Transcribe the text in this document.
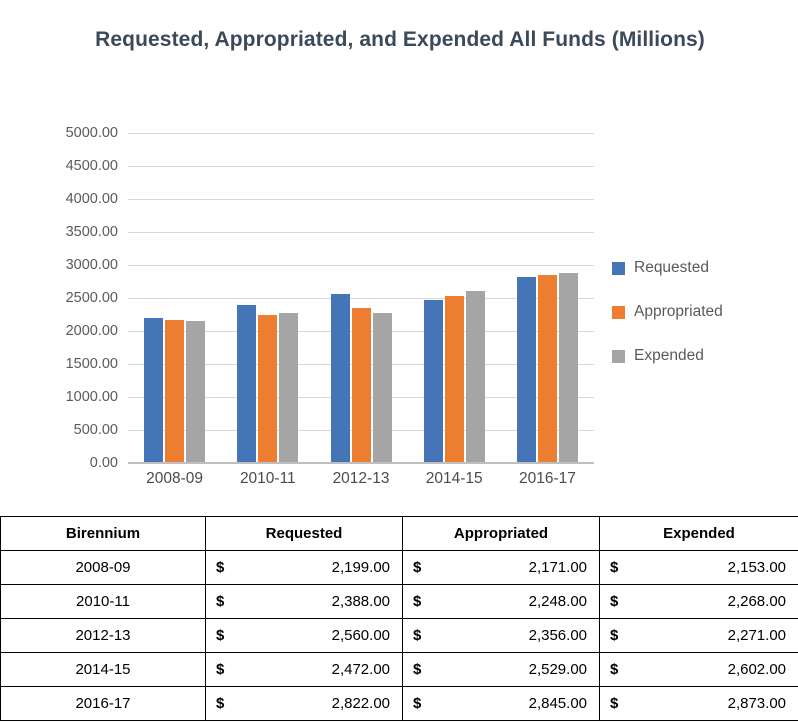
Requested, Appropriated, and Expended All Funds (Millions)
0.00
500.00
1000.00
1500.00
2000.00
2500.00
3000.00
3500.00
4000.00
4500.00
5000.00
2008-09	2010-11	2012-13	2014-15	2016-17
Requested
Appropriated
Expended
Birennium	Requested	Appropriated	Expended
2008-09	$ 2,199.00	$ 2,171.00	$ 2,153.00

2010-11	$ 2,388.00	$ 2,248.00	$ 2,268.00

2012-13	$ 2,560.00	$ 2,356.00	$ 2,271.00

2014-15	$ 2,472.00	$ 2,529.00	$ 2,602.00

2016-17	$ 2,822.00	$ 2,845.00	$ 2,873.00
